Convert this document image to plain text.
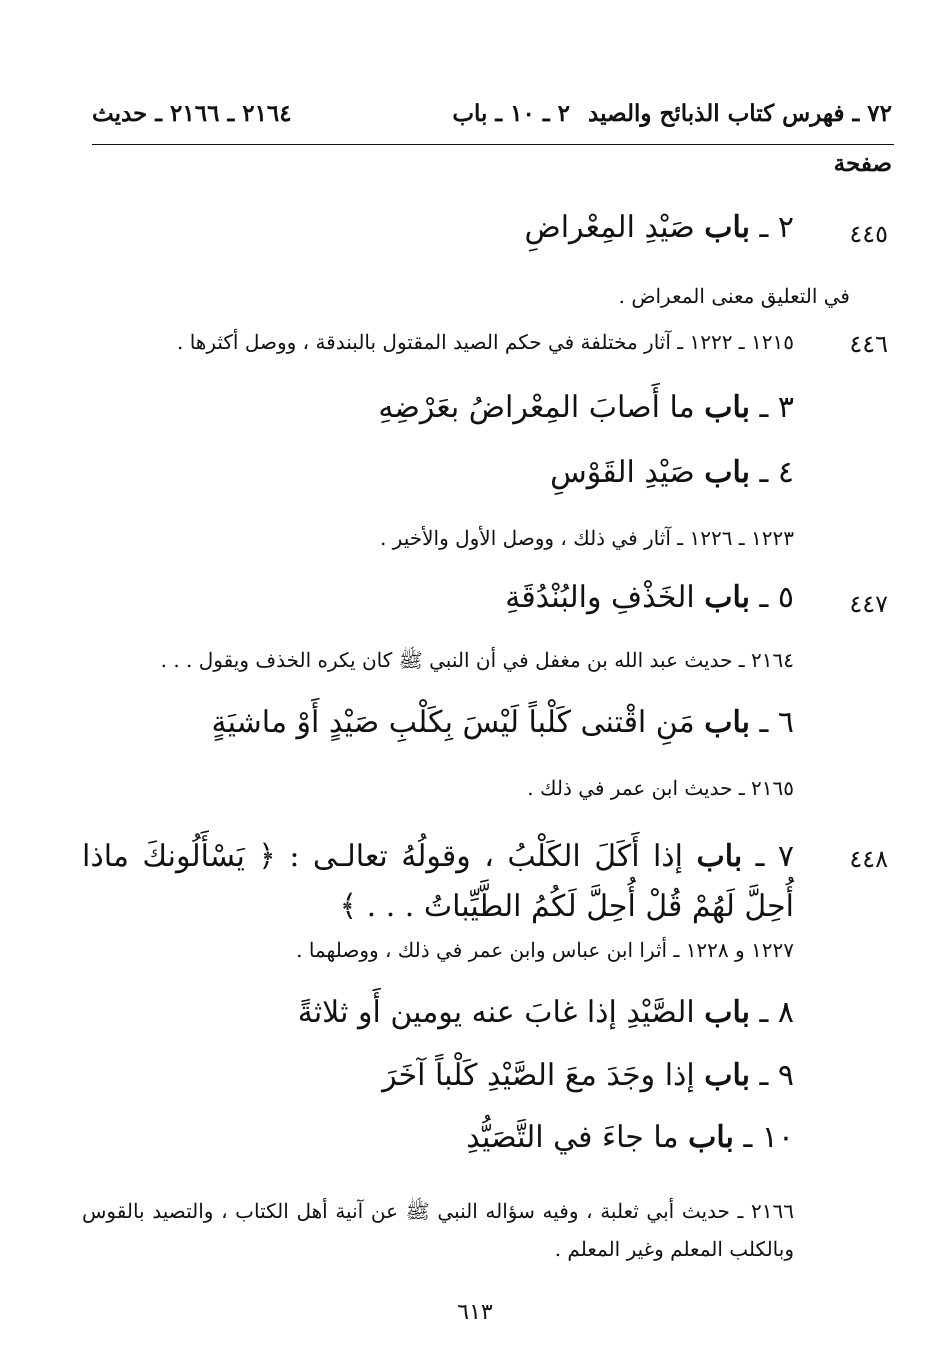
٧٢ ـ فهرس كتاب الذبائح والصيد
٢ ـ ١٠ ـ باب
٢١٦٤ ـ ٢١٦٦ ـ حديث
صفحة
٤٤٥
٢ ـ باب صَيْدِ المِعْراضِ
في التعليق معنى المعراض .
٤٤٦
١٢١٥ ـ ١٢٢٢ ـ آثار مختلفة في حكم الصيد المقتول بالبندقة ، ووصل أكثرها .
٣ ـ باب ما أَصابَ المِعْراضُ بعَرْضِهِ
٤ ـ باب صَيْدِ القَوْسِ
١٢٢٣ ـ ١٢٢٦ ـ آثار في ذلك ، ووصل الأول والأخير .
٤٤٧
٥ ـ باب الخَذْفِ والبُنْدُقَةِ
٢١٦٤ ـ حديث عبد الله بن مغفل في أن النبي ﷺ كان يكره الخذف ويقول . . .
٦ ـ باب مَنِ اقْتنى كَلْباً لَيْسَ بِكَلْبِ صَيْدٍ أَوْ ماشيَةٍ
٢١٦٥ ـ حديث ابن عمر في ذلك .
٤٤٨
٧ ـ باب إذا أَكَلَ الكَلْبُ ، وقولُهُ تعالـى : ﴿ يَسْأَلُونكَ ماذا أُحِلَّ لَهُمْ قُلْ أُحِلَّ لَكُمُ الطَّيِّباتُ . . . ﴾
١٢٢٧ و ١٢٢٨ ـ أثرا ابن عباس وابن عمر في ذلك ، ووصلهما .
٨ ـ باب الصَّيْدِ إذا غابَ عنه يومين أَو ثلاثةً
٩ ـ باب إذا وجَدَ معَ الصَّيْدِ كَلْباً آخَرَ
١٠ ـ باب ما جاءَ في التَّصَيُّدِ
٢١٦٦ ـ حديث أبي ثعلبة ، وفيه سؤاله النبي ﷺ عن آنية أهل الكتاب ، والتصيد بالقوس وبالكلب المعلم وغير المعلم .
٦١٣
